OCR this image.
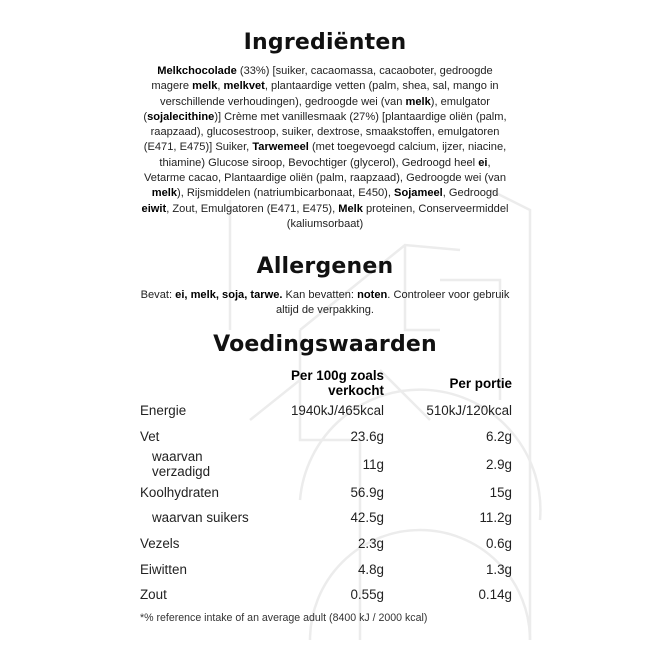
Ingrediënten
Melkchocolade (33%) [suiker, cacaomassa, cacaoboter, gedroogde magere melk, melkvet, plantaardige vetten (palm, shea, sal, mango in verschillende verhoudingen), gedroogde wei (van melk), emulgator (sojalecithine)] Crème met vanillesmaak (27%) [plantaardige oliën (palm, raapzaad), glucosestroop, suiker, dextrose, smaakstoffen, emulgatoren (E471, E475)] Suiker, Tarwemeel (met toegevoegd calcium, ijzer, niacine, thiamine) Glucose siroop, Bevochtiger (glycerol), Gedroogd heel ei, Vetarme cacao, Plantaardige oliën (palm, raapzaad), Gedroogde wei (van melk), Rijsmiddelen (natriumbicarbonaat, E450), Sojameel, Gedroogd eiwit, Zout, Emulgatoren (E471, E475), Melk proteinen, Conserveermiddel (kaliumsorbaat)
Allergenen
Bevat: ei, melk, soja, tarwe. Kan bevatten: noten. Controleer voor gebruik altijd de verpakking.
Voedingswaarden
	Per 100g zoals verkocht	Per portie
Energie	1940kJ/465kcal	510kJ/120kcal
Vet	23.6g	6.2g
waarvan verzadigd	11g	2.9g
Koolhydraten	56.9g	15g
waarvan suikers	42.5g	11.2g
Vezels	2.3g	0.6g
Eiwitten	4.8g	1.3g
Zout	0.55g	0.14g
*% reference intake of an average adult (8400 kJ / 2000 kcal)
